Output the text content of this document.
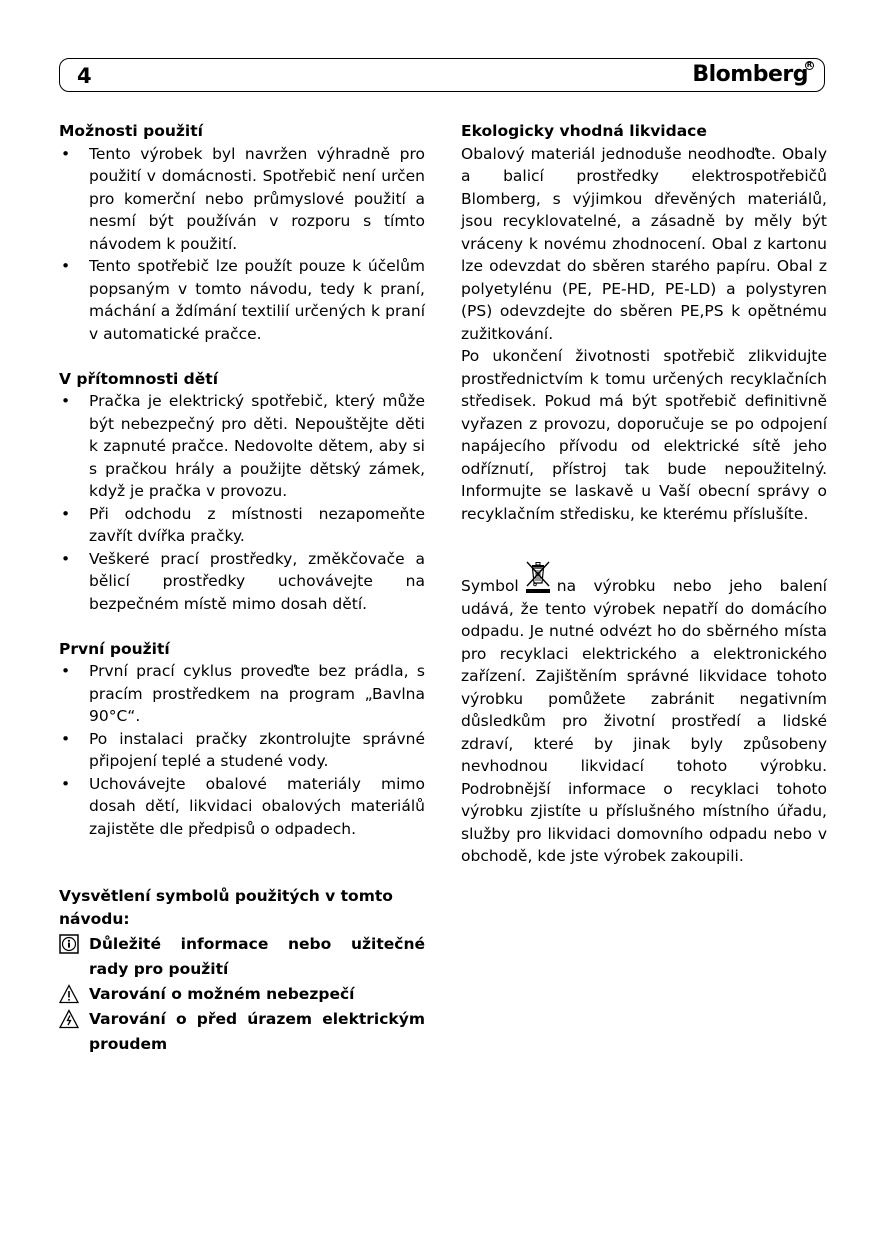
4	Blomberg
R
Možnosti použití
• Tento výrobek byl navržen výhradně pro použití v domácnosti. Spotřebič není určen pro komerční nebo průmyslové použití a nesmí být používán v rozporu s tímto návodem k použití.
• Tento spotřebič lze použít pouze k účelům popsaným v tomto návodu, tedy k praní, máchání a ždímání textilií určených k praní v automatické pračce.
V přítomnosti dětí
• Pračka je elektrický spotřebič, který může být nebezpečný pro děti. Nepouštějte děti k zapnuté pračce. Nedovolte dětem, aby si s pračkou hrály a použijte dětský zámek, když je pračka v provozu.
• Při odchodu z místnosti nezapomeňte zavřít dvířka pračky.
• Veškeré prací prostředky, změkčovače a bělicí prostředky uchovávejte na bezpečném místě mimo dosah dětí.
První použití
• První prací cyklus proveďte bez prádla, s pracím prostředkem na program „Bavlna 90°C“.
• Po instalaci pračky zkontrolujte správné připojení teplé a studené vody.
• Uchovávejte obalové materiály mimo dosah dětí, likvidaci obalových materiálů zajistěte dle předpisů o odpadech.
Vysvětlení symbolů použitých v tomto návodu:
Důležité informace nebo užitečné rady pro použití
Varování o možném nebezpečí
Varování o před úrazem elektrickým proudem
Ekologicky vhodná likvidace

Obalový materiál jednoduše neodhoďte. Obaly a balicí prostředky elektrospotřebičů Blomberg, s výjimkou dřevěných materiálů, jsou recyklovatelné, a zásadně by měly být vráceny k novému zhodnocení. Obal z kartonu lze odevzdat do sběren starého papíru. Obal z polyetylénu (PE, PE-HD, PE-LD) a polystyren (PS) odevzdejte do sběren PE,PS k opětnému zužitkování.

Po ukončení životnosti spotřebič zlikvidujte prostřednictvím k tomu určených recyklačních středisek. Pokud má být spotřebič definitivně vyřazen z provozu, doporučuje se po odpojení napájecího přívodu od elektrické sítě jeho odříznutí, přístroj tak bude nepoužitelný. Informujte se laskavě u Vaší obecní správy o recyklačním středisku, ke kterému příslušíte.

Symbol na výrobku nebo jeho balení udává, že tento výrobek nepatří do domácího odpadu. Je nutné odvézt ho do sběrného místa pro recyklaci elektrického a elektronického zařízení. Zajištěním správné likvidace tohoto výrobku pomůžete zabránit negativním důsledkům pro životní prostředí a lidské zdraví, které by jinak byly způsobeny nevhodnou likvidací tohoto výrobku. Podrobnější informace o recyklaci tohoto výrobku zjistíte u příslušného místního úřadu, služby pro likvidaci domovního odpadu nebo v obchodě, kde jste výrobek zakoupili.
